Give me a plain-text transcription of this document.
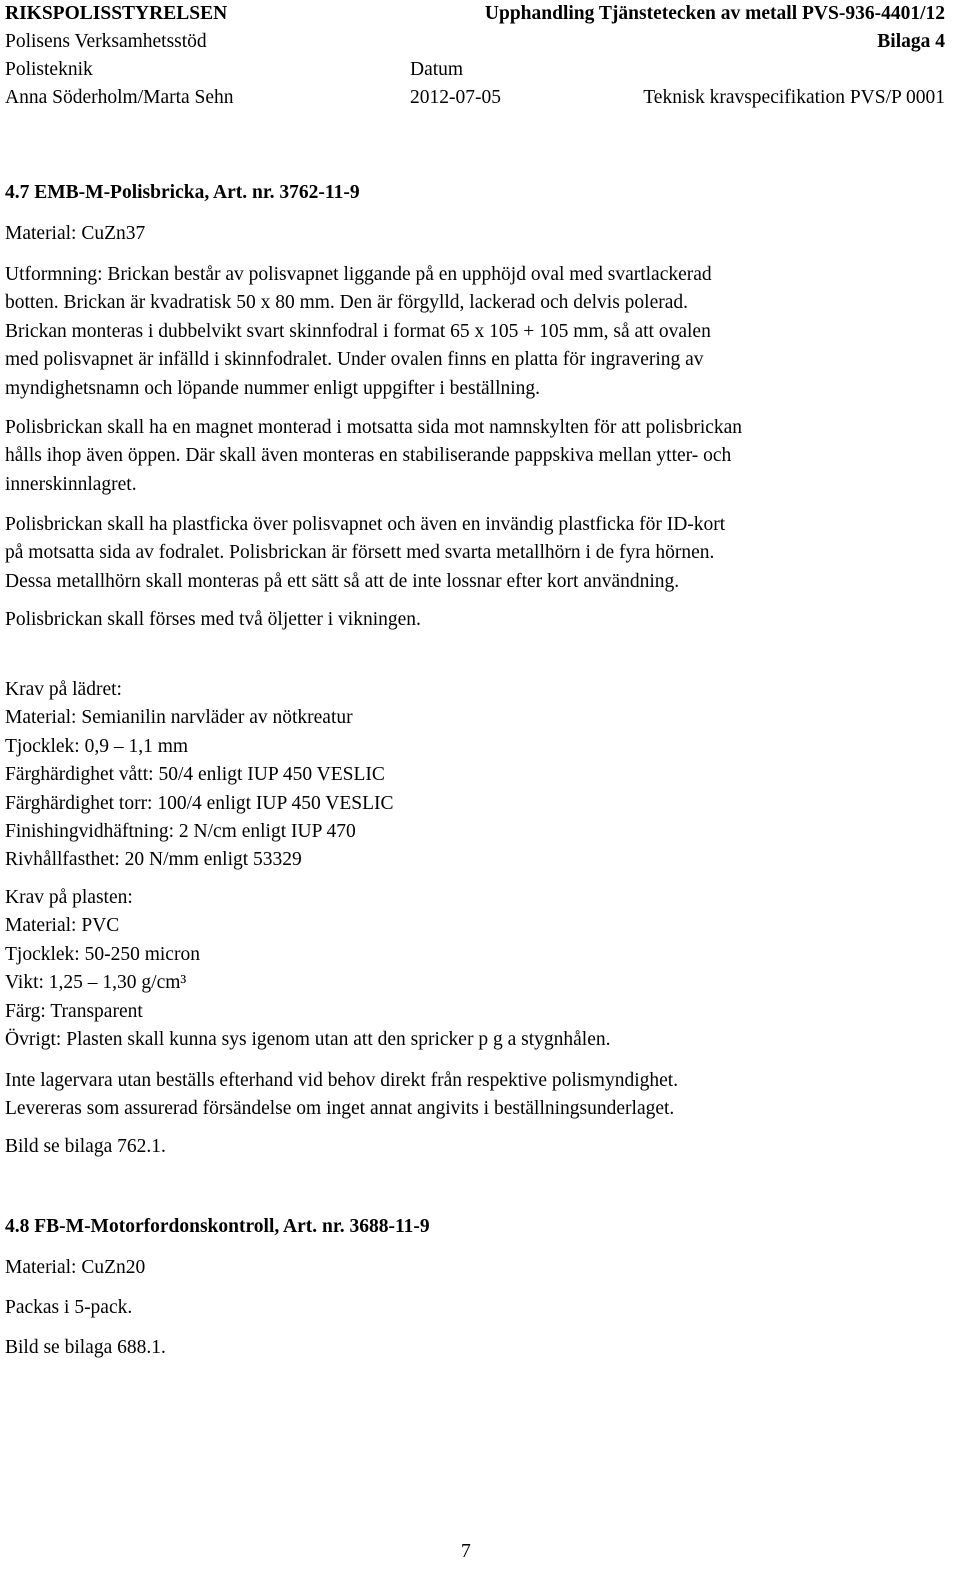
RIKSPOLISSTYRELSEN	Upphandling Tjänstetecken av metall PVS-936-4401/12
Polisens Verksamhetsstöd	Bilaga 4
Polisteknik	Datum
Anna Söderholm/Marta Sehn	2012-07-05	Teknisk kravspecifikation PVS/P 0001
4.7 EMB-M-Polisbricka, Art. nr. 3762-11-9
Material: CuZn37
Utformning: Brickan består av polisvapnet liggande på en upphöjd oval med svartlackerad
botten. Brickan är kvadratisk 50 x 80 mm. Den är förgylld, lackerad och delvis polerad.
Brickan monteras i dubbelvikt svart skinnfodral i format 65 x 105 + 105 mm, så att ovalen
med polisvapnet är infälld i skinnfodralet. Under ovalen finns en platta för ingravering av
myndighetsnamn och löpande nummer enligt uppgifter i beställning.
Polisbrickan skall ha en magnet monterad i motsatta sida mot namnskylten för att polisbrickan
hålls ihop även öppen. Där skall även monteras en stabiliserande pappskiva mellan ytter- och
innerskinnlagret.
Polisbrickan skall ha plastficka över polisvapnet och även en invändig plastficka för ID-kort
på motsatta sida av fodralet. Polisbrickan är försett med svarta metallhörn i de fyra hörnen.
Dessa metallhörn skall monteras på ett sätt så att de inte lossnar efter kort användning.
Polisbrickan skall förses med två öljetter i vikningen.
Krav på lädret:
Material: Semianilin narvläder av nötkreatur
Tjocklek: 0,9 – 1,1 mm
Färghärdighet vått: 50/4 enligt IUP 450 VESLIC
Färghärdighet torr: 100/4 enligt IUP 450 VESLIC
Finishingvidhäftning: 2 N/cm enligt IUP 470
Rivhållfasthet: 20 N/mm enligt 53329
Krav på plasten:
Material: PVC
Tjocklek: 50-250 micron
Vikt: 1,25 – 1,30 g/cm³
Färg: Transparent
Övrigt: Plasten skall kunna sys igenom utan att den spricker p g a stygnhålen.
Inte lagervara utan beställs efterhand vid behov direkt från respektive polismyndighet.
Levereras som assurerad försändelse om inget annat angivits i beställningsunderlaget.
Bild se bilaga 762.1.
4.8 FB-M-Motorfordonskontroll, Art. nr. 3688-11-9
Material: CuZn20
Packas i 5-pack.
Bild se bilaga 688.1.
7
